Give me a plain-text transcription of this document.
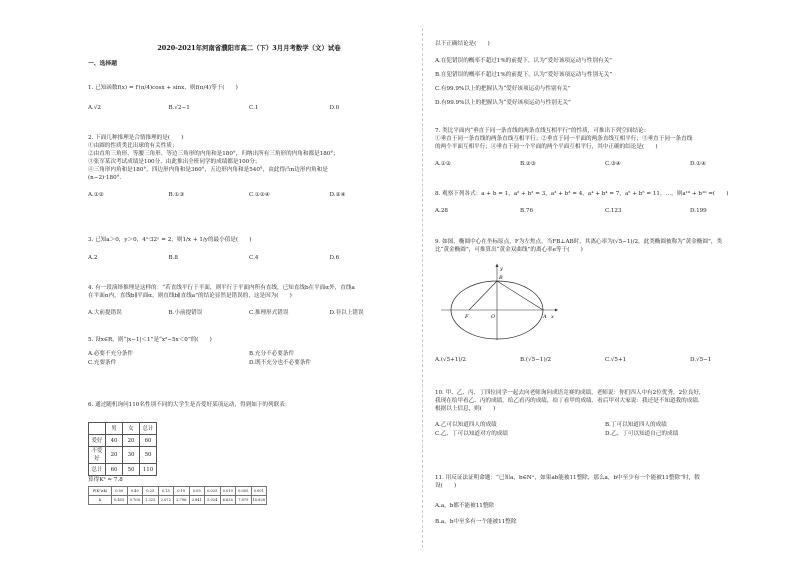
2020-2021年河南省濮阳市高二（下）3月月考数学（文）试卷
一、选择题
1. 已知函数f(x) = f′(π/4)cosx + sinx，则f(π/4)等于(　　)
A.√2	B.√2−1	C.1	D.0
2. 下面几种推理是合情推理的是(　　)
①由圆的性质类比出球的有关性质；
②由直角三角形、等腰三角形、等边三角形的内角和是180°，归纳出所有三角形的内角和都是180°；
③张军某次考试成绩是100分，由此推出全班同学的成绩都是100分；
④三角形内角和是180°，四边形内角和是360°，五边形内角和是540°，由此得凸n边形内角和是
(n−2)·180°．
A.①②	B.①③	C.①②④	D.②④
3. 已知a＞0，y＞0，4ˣ·32ʸ = 2，则1/x + 1/y的最小值是(　　)
A.2	B.8	C.4	D.6
4. 有一段演绎推理是这样的：“若直线平行于平面，则平行于平面内所有直线，已知直线b在平面α外，直线a
在平面α内，直线b∥平面α，则直线b∥直线a”的结论显然是错误的，这是因为(　　)
A.大前提错误	B.小前提错误	C.推理形式错误	D.非以上错误
5. 设x∈R，则“|x−1|＜1”是“x²−5x＜0”的(　　)
A.必要不充分条件	B.充分不必要条件
C.充要条件	D.既不充分也不必要条件
6. 通过随机询问110名性别不同的大学生是否爱好某项运动，得到如下的列联表：
	男	女	总计
爱好	40	20	60
不爱好	20	30	50
总计	60	50	110
算得K² ≈ 7.8
P(K²≥k)	0.50	0.40	0.25	0.15	0.10	0.05	0.025	0.010	0.005	0.001
k	0.455	0.708	1.323	2.072	2.706	3.841	5.024	6.635	7.879	10.828
以下正确结论是(　　)
A.在犯错误的概率不超过1%的前提下，认为“爱好该项运动与性别有关”
B.在犯错误的概率不超过1%的前提下，认为“爱好该项运动与性别无关”
C.有99.9%以上的把握认为“爱好该项运动与性别有关”
D.有99.9%以上的把握认为“爱好该项运动与性别无关”
7. 类比平面内“垂直于同一条直线的两条直线互相平行”的性质，可推出下列空间结论：
①垂直于同一条直线的两条直线互相平行；②垂直于同一平面的两条直线互相平行；③垂直于同一条直线
的两个平面互相平行；④垂直于同一个平面的两个平面互相平行，其中正确的结论是(　　)
A.①②	B.②③	C.③④	D.①④
8. 观察下列各式：a + b = 1，a² + b² = 3，a³ + b³ = 4，a⁴ + b⁴ = 7，a⁵ + b⁵ = 11，…，则a¹⁰ + b¹⁰ =(　　)
A.28	B.76	C.123	D.199
9. 如图，椭圆中心在坐标原点，F为左焦点，当FB⊥AB时，其离心率为(√5−1)/2，此类椭圆被称为“黄金椭圆”，类
比“黄金椭圆”，可推算出“黄金双曲线”的离心率e等于(　　)
y
x
B
A
F	O
A.(√5+1)/2	B.(√5−1)/2	C.√5+1	D.√5−1
10. 甲、乙、丙、丁四位同学一起去向老师询问成语竞赛的成绩，老师说：你们四人中有2位优秀，2位良好，
我现在给甲看乙、丙的成绩，给乙看丙的成绩，给丁看甲的成绩．看后甲对大家说：我还是不知道我的成绩．
根据以上信息，则(　　)
A.乙可以知道四人的成绩	B.丁可以知道四人的成绩
C.乙、丁可以知道对方的成绩	D.乙、丁可以知道自己的成绩
11. 用反证法证明命题：“已知a，b∈N⁺，如果ab能被11整除，那么a，b中至少有一个能被11整除”时，假
设(　　)
A.a，b都不能被11整除
B.a，b中至多有一个能被11整除
